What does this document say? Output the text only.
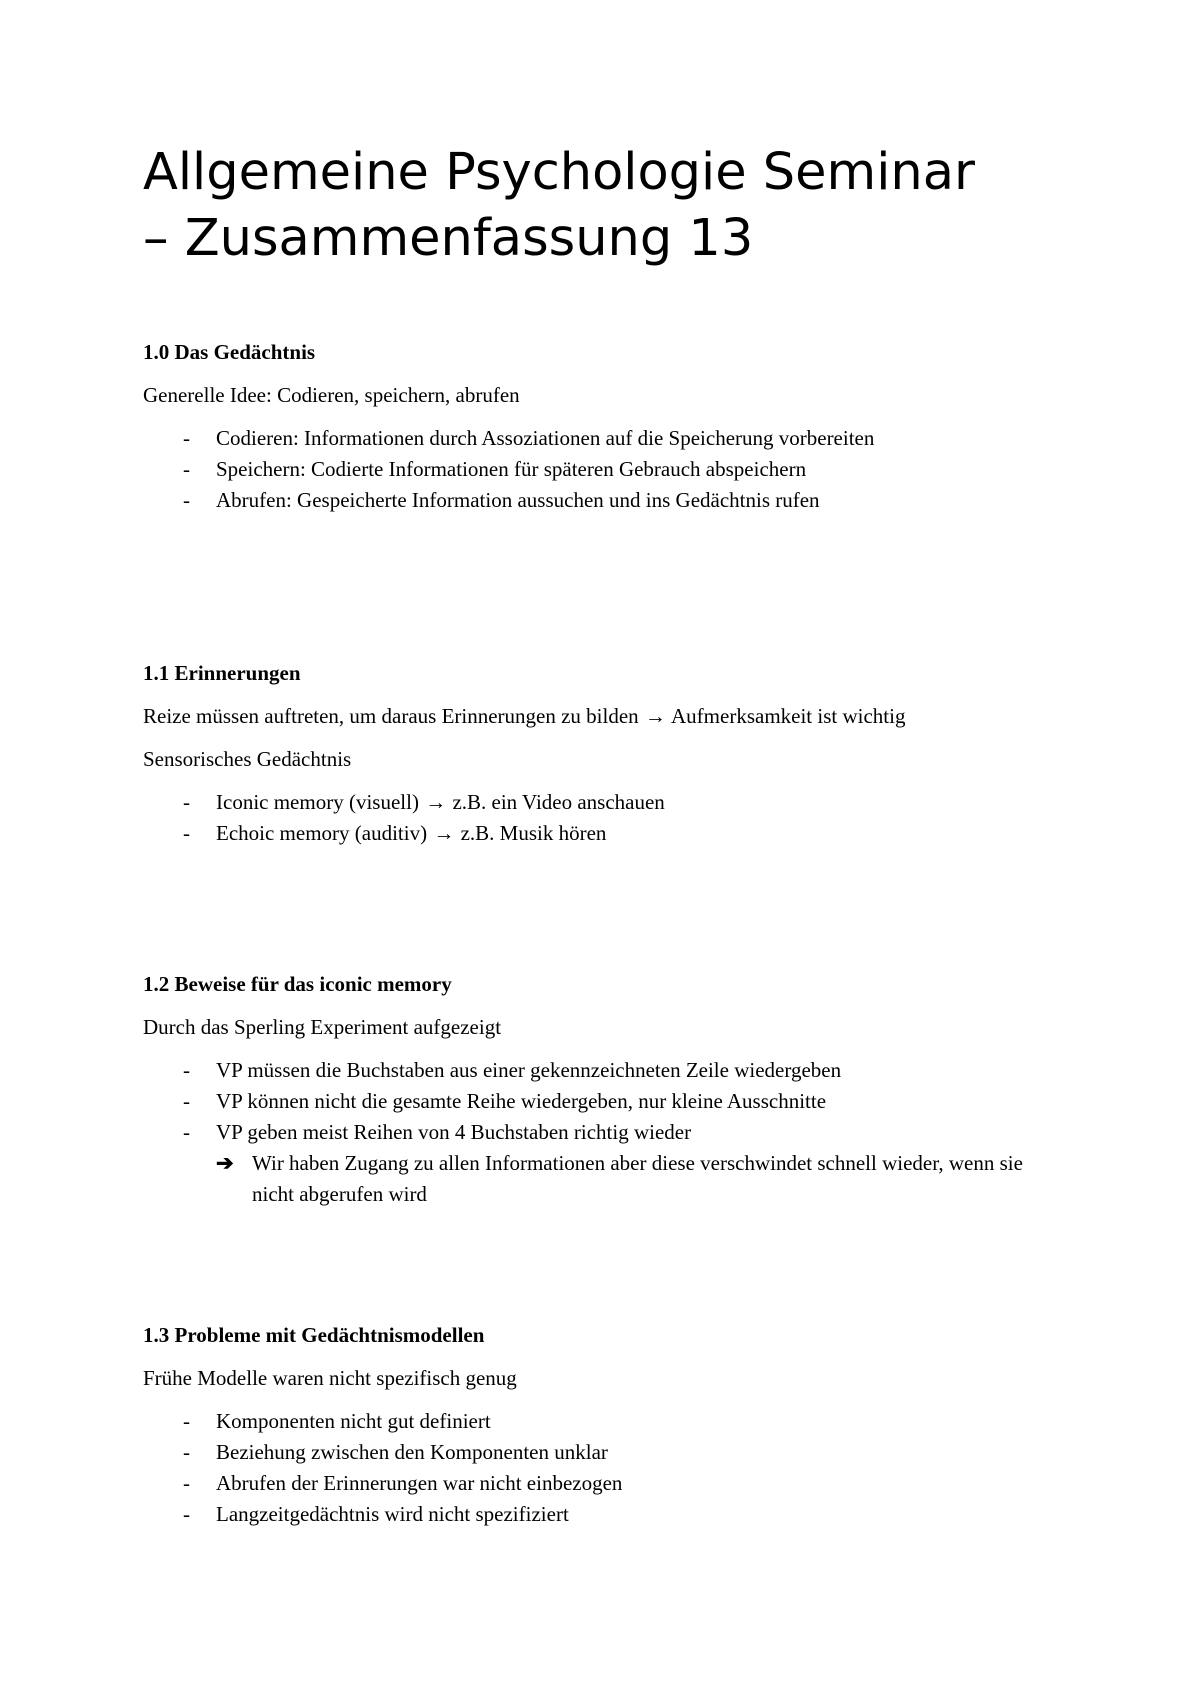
Allgemeine Psychologie Seminar
– Zusammenfassung 13
1.0 Das Gedächtnis

Generelle Idee: Codieren, speichern, abrufen

- Codieren: Informationen durch Assoziationen auf die Speicherung vorbereiten
- Speichern: Codierte Informationen für späteren Gebrauch abspeichern
- Abrufen: Gespeicherte Information aussuchen und ins Gedächtnis rufen
1.1 Erinnerungen

Reize müssen auftreten, um daraus Erinnerungen zu bilden → Aufmerksamkeit ist wichtig

Sensorisches Gedächtnis

- Iconic memory (visuell) → z.B. ein Video anschauen
- Echoic memory (auditiv) → z.B. Musik hören
1.2 Beweise für das iconic memory

Durch das Sperling Experiment aufgezeigt

- VP müssen die Buchstaben aus einer gekennzeichneten Zeile wiedergeben
- VP können nicht die gesamte Reihe wiedergeben, nur kleine Ausschnitte
- VP geben meist Reihen von 4 Buchstaben richtig wieder
➔ Wir haben Zugang zu allen Informationen aber diese verschwindet schnell wieder, wenn sie nicht abgerufen wird
1.3 Probleme mit Gedächtnismodellen

Frühe Modelle waren nicht spezifisch genug

- Komponenten nicht gut definiert
- Beziehung zwischen den Komponenten unklar
- Abrufen der Erinnerungen war nicht einbezogen
- Langzeitgedächtnis wird nicht spezifiziert
